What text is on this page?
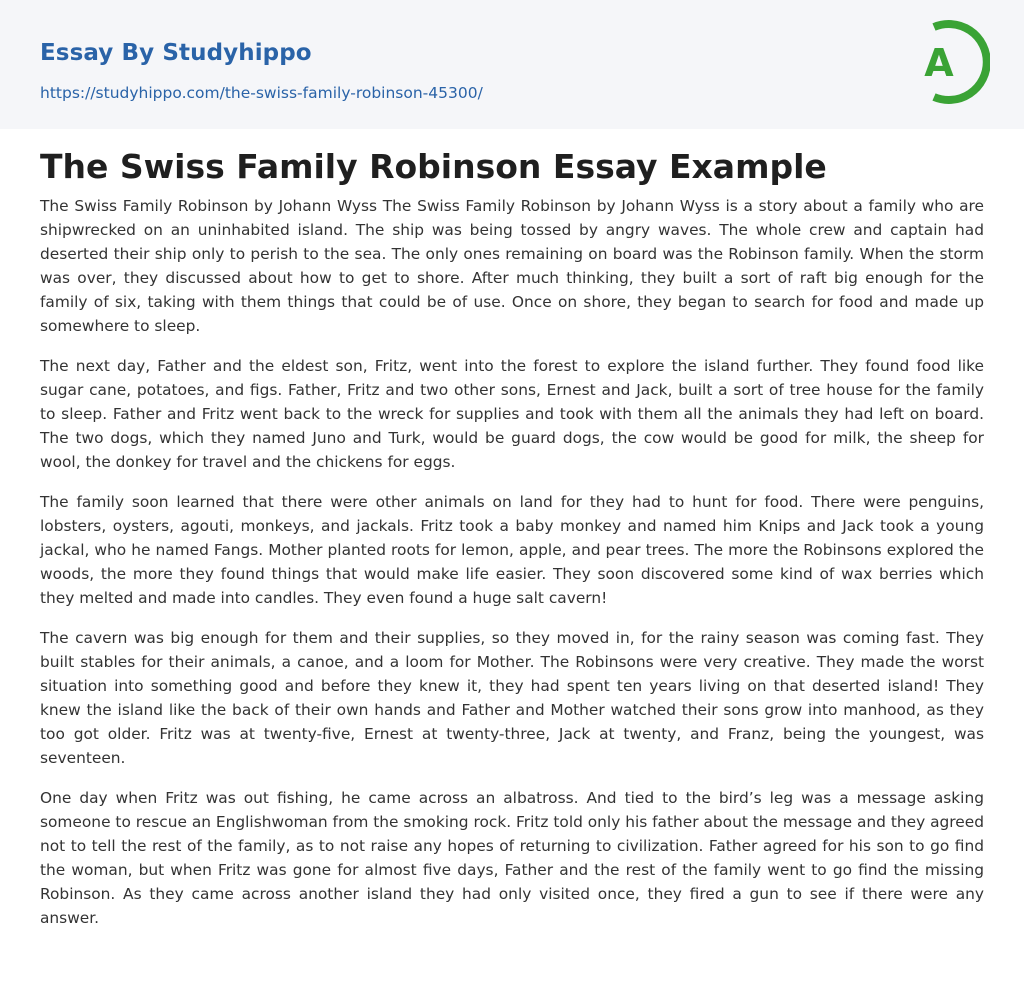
Essay By Studyhippo
https://studyhippo.com/the-swiss-family-robinson-45300/
A
The Swiss Family Robinson Essay Example

The Swiss Family Robinson by Johann Wyss The Swiss Family Robinson by Johann Wyss is a story about a family who are shipwrecked on an uninhabited island. The ship was being tossed by angry waves. The whole crew and captain had deserted their ship only to perish to the sea. The only ones remaining on board was the Robinson family. When the storm was over, they discussed about how to get to shore. After much thinking, they built a sort of raft big enough for the family of six, taking with them things that could be of use. Once on shore, they began to search for food and made up somewhere to sleep.

The next day, Father and the eldest son, Fritz, went into the forest to explore the island further. They found food like sugar cane, potatoes, and figs. Father, Fritz and two other sons, Ernest and Jack, built a sort of tree house for the family to sleep. Father and Fritz went back to the wreck for supplies and took with them all the animals they had left on board. The two dogs, which they named Juno and Turk, would be guard dogs, the cow would be good for milk, the sheep for wool, the donkey for travel and the chickens for eggs.

The family soon learned that there were other animals on land for they had to hunt for food. There were penguins, lobsters, oysters, agouti, monkeys, and jackals. Fritz took a baby monkey and named him Knips and Jack took a young jackal, who he named Fangs. Mother planted roots for lemon, apple, and pear trees. The more the Robinsons explored the woods, the more they found things that would make life easier. They soon discovered some kind of wax berries which they melted and made into candles. They even found a huge salt cavern!

The cavern was big enough for them and their supplies, so they moved in, for the rainy season was coming fast. They built stables for their animals, a canoe, and a loom for Mother. The Robinsons were very creative. They made the worst situation into something good and before they knew it, they had spent ten years living on that deserted island! They knew the island like the back of their own hands and Father and Mother watched their sons grow into manhood, as they too got older. Fritz was at twenty-five, Ernest at twenty-three, Jack at twenty, and Franz, being the youngest, was seventeen.

One day when Fritz was out fishing, he came across an albatross. And tied to the bird’s leg was a message asking someone to rescue an Englishwoman from the smoking rock. Fritz told only his father about the message and they agreed not to tell the rest of the family, as to not raise any hopes of returning to civilization. Father agreed for his son to go find the woman, but when Fritz was gone for almost five days, Father and the rest of the family went to go find the missing Robinson. As they came across another island they had only visited once, they fired a gun to see if there were any answer.
